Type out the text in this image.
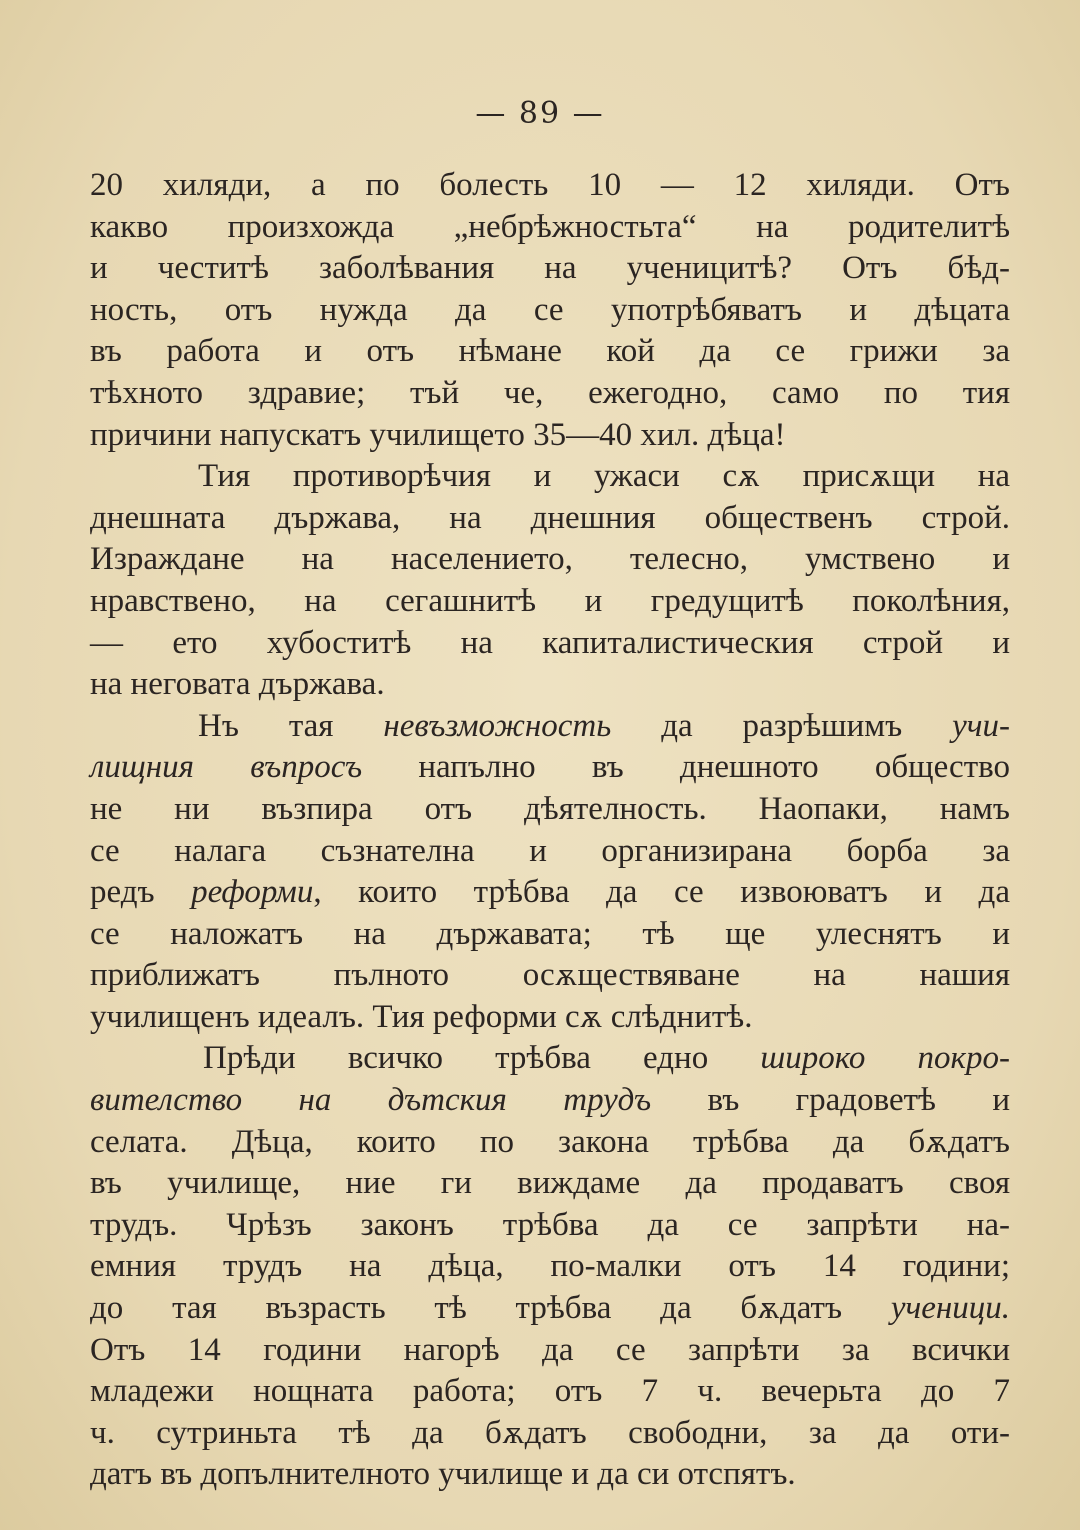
— 89 —
20 хиляди, а по болесть 10 — 12 хиляди. Отъ
какво произхожда „небрѣжностьта“ на родителитѣ
и честитѣ заболѣвания на ученицитѣ? Отъ бѣд-
ность, отъ нужда да се употрѣбяватъ и дѣцата
въ работа и отъ нѣмане кой да се грижи за
тѣхното здравие; тъй че, ежегодно, само по тия
причини напускатъ училището 35—40 хил. дѣца!
Тия противорѣчия и ужаси сѫ присѫщи на
днешната държава, на днешния общественъ строй.
Израждане на населението, телесно, умствено и
нравствено, на сегашнитѣ и гредущитѣ поколѣния,
— ето хубоститѣ на капиталистическия строй и
на неговата държава.
Нъ тая невъзможность да разрѣшимъ учи-
лищния въпросъ напълно въ днешното общество
не ни възпира отъ дѣятелность. Наопаки, намъ
се налага съзнателна и организирана борба за
редъ реформи, които трѣбва да се извоюватъ и да
се наложатъ на държавата; тѣ ще улеснятъ и
приближатъ пълното осѫществяване на нашия
училищенъ идеалъ. Тия реформи сѫ слѣднитѣ.
Прѣди всичко трѣбва едно широко покро-
вителство на дътския трудъ въ градоветѣ и
селата. Дѣца, които по закона трѣбва да бѫдатъ
въ училище, ние ги виждаме да продаватъ своя
трудъ. Чрѣзъ законъ трѣбва да се запрѣти на-
емния трудъ на дѣца, по-малки отъ 14 години;
до тая възрасть тѣ трѣбва да бѫдатъ ученици.
Отъ 14 години нагорѣ да се запрѣти за всички
младежи нощната работа; отъ 7 ч. вечерьта до 7
ч. сутриньта тѣ да бѫдатъ свободни, за да оти-
датъ въ допълнителното училище и да си отспятъ.
